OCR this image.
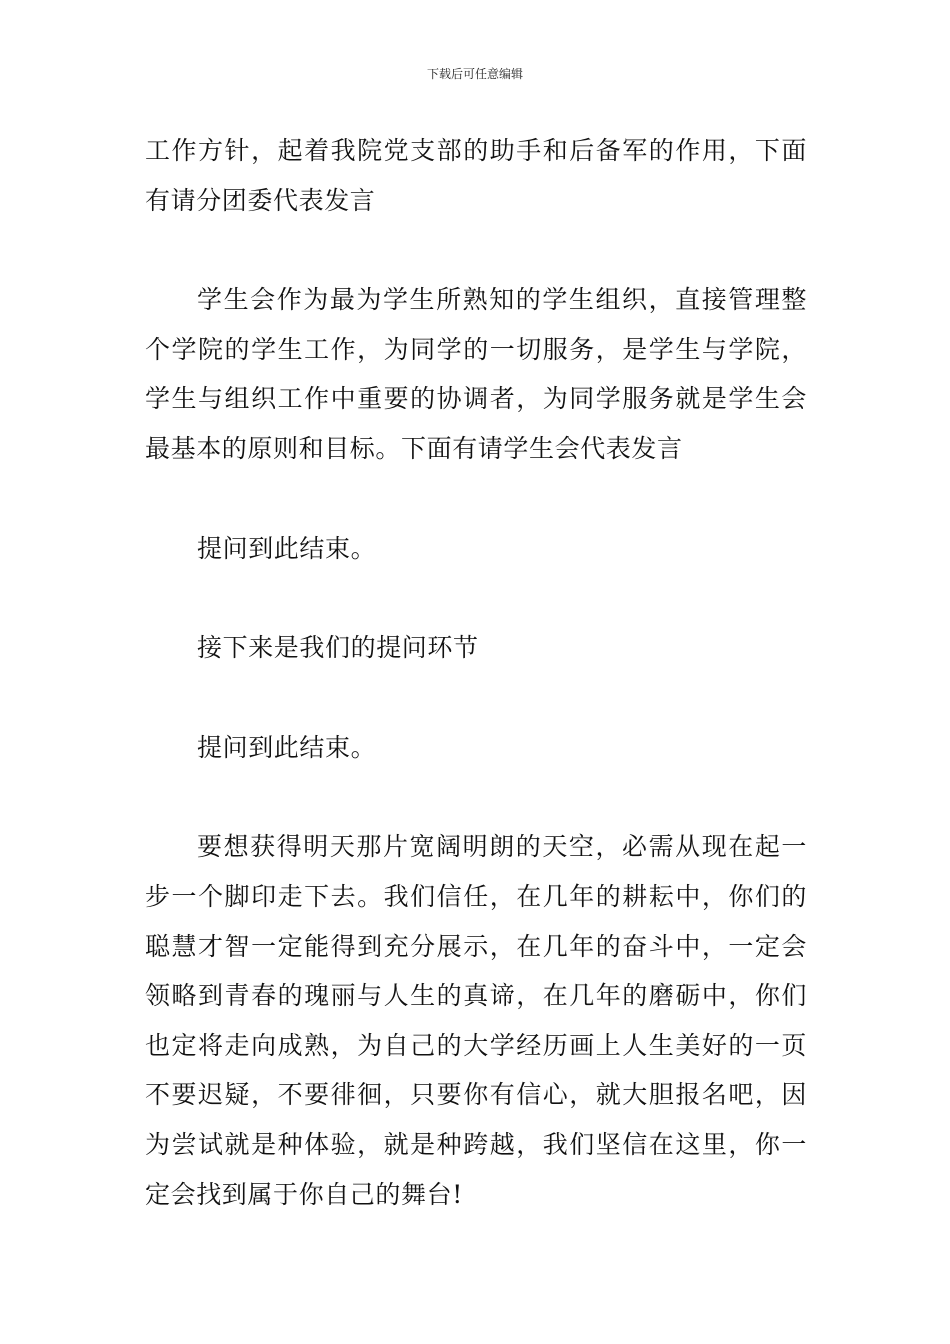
下载后可任意编辑

工作方针，起着我院党支部的助手和后备军的作用，下面有请分团委代表发言

学生会作为最为学生所熟知的学生组织，直接管理整个学院的学生工作，为同学的一切服务，是学生与学院，学生与组织工作中重要的协调者，为同学服务就是学生会最基本的原则和目标。下面有请学生会代表发言

提问到此结束。

接下来是我们的提问环节

提问到此结束。

要想获得明天那片宽阔明朗的天空，必需从现在起一步一个脚印走下去。我们信任，在几年的耕耘中，你们的聪慧才智一定能得到充分展示，在几年的奋斗中，一定会领略到青春的瑰丽与人生的真谛，在几年的磨砺中，你们也定将走向成熟，为自己的大学经历画上人生美好的一页不要迟疑，不要徘徊，只要你有信心，就大胆报名吧，因为尝试就是种体验，就是种跨越，我们坚信在这里，你一定会找到属于你自己的舞台!
